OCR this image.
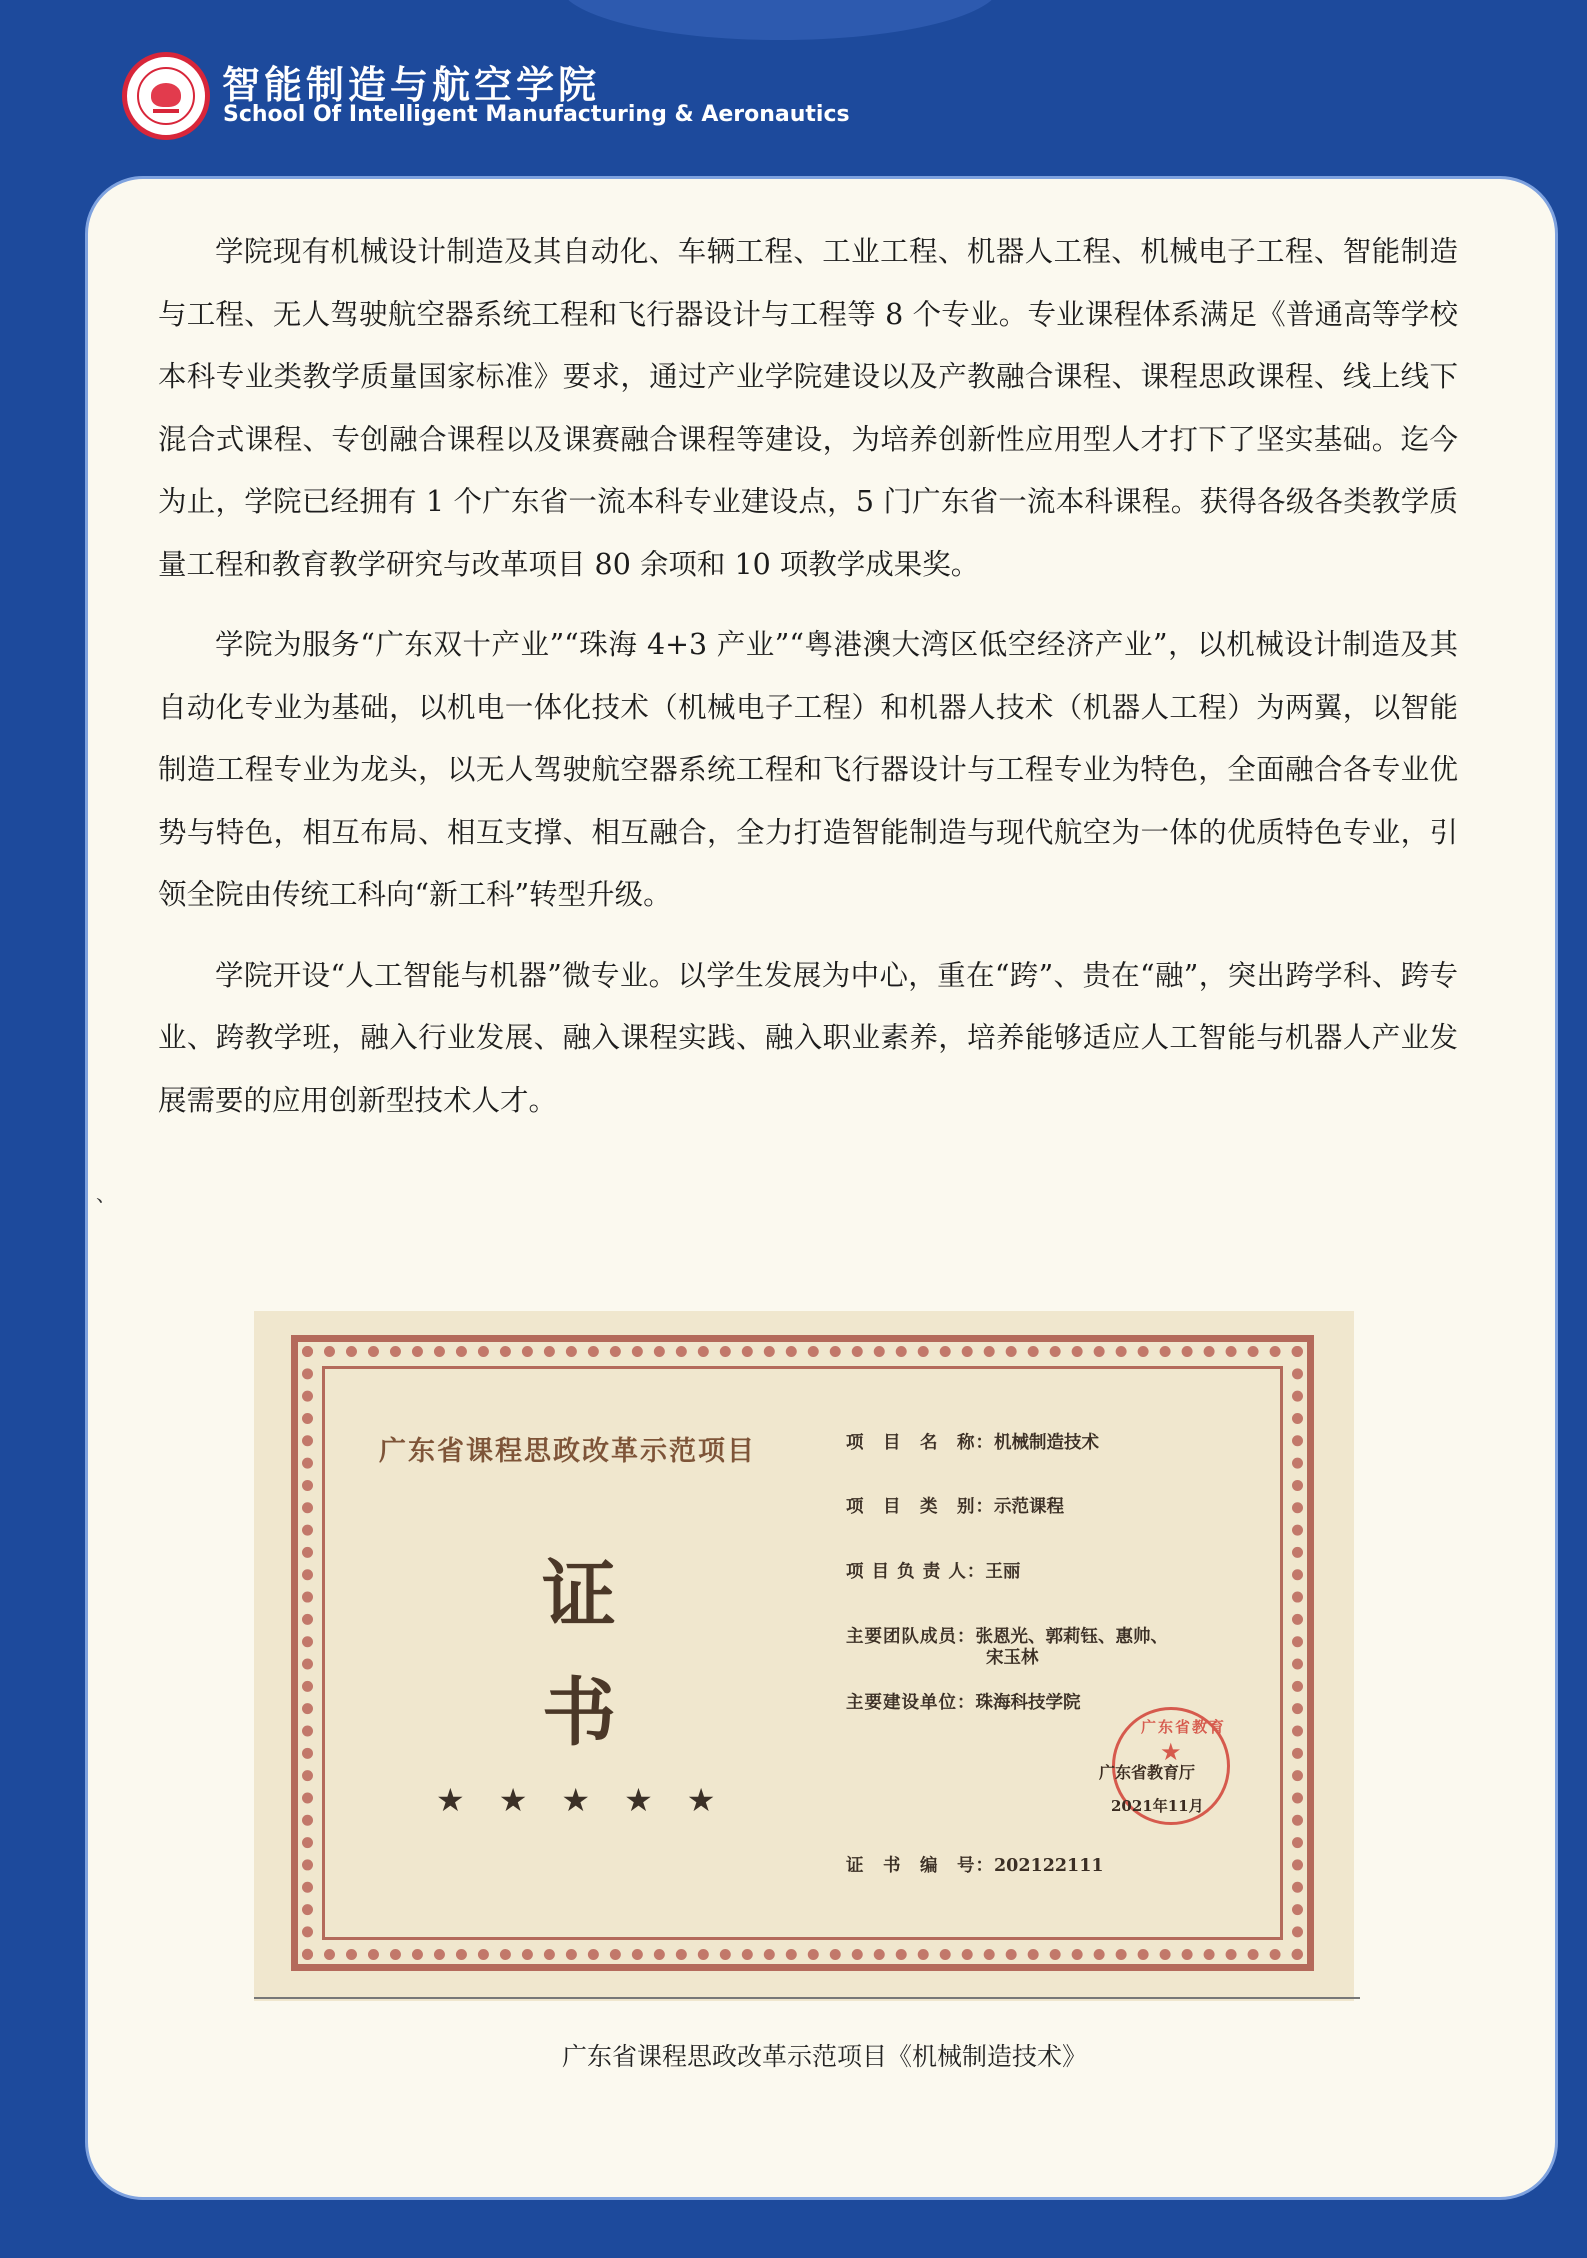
智能制造与航空学院
School Of Intelligent Manufacturing & Aeronautics

学院现有机械设计制造及其自动化、车辆工程、工业工程、机器人工程、机械电子工程、智能制造与工程、无人驾驶航空器系统工程和飞行器设计与工程等 8 个专业。专业课程体系满足《普通高等学校本科专业类教学质量国家标准》要求，通过产业学院建设以及产教融合课程、课程思政课程、线上线下混合式课程、专创融合课程以及课赛融合课程等建设，为培养创新性应用型人才打下了坚实基础。迄今为止，学院已经拥有 1 个广东省一流本科专业建设点，5 门广东省一流本科课程。获得各级各类教学质量工程和教育教学研究与改革项目 80 余项和 10 项教学成果奖。

学院为服务“广东双十产业”“珠海 4+3 产业”“粤港澳大湾区低空经济产业”，以机械设计制造及其自动化专业为基础，以机电一体化技术（机械电子工程）和机器人技术（机器人工程）为两翼，以智能制造工程专业为龙头，以无人驾驶航空器系统工程和飞行器设计与工程专业为特色，全面融合各专业优势与特色，相互布局、相互支撑、相互融合，全力打造智能制造与现代航空为一体的优质特色专业，引领全院由传统工科向“新工科”转型升级。

学院开设“人工智能与机器”微专业。以学生发展为中心，重在“跨”、贵在“融”，突出跨学科、跨专业、跨教学班，融入行业发展、融入课程实践、融入职业素养，培养能够适应人工智能与机器人产业发展需要的应用创新型技术人才。

、
广东省课程思政改革示范项目
证
书
★★★★★
项　目　名　称：机械制造技术
项　目　类　别：示范课程
项 目 负 责 人：王丽
主要团队成员：张恩光、郭莉钰、惠帅、
宋玉林
主要建设单位：珠海科技学院
证　书　编　号：202122111
广东省教育
★
广东省教育厅
2021年11月
广东省课程思政改革示范项目《机械制造技术》
